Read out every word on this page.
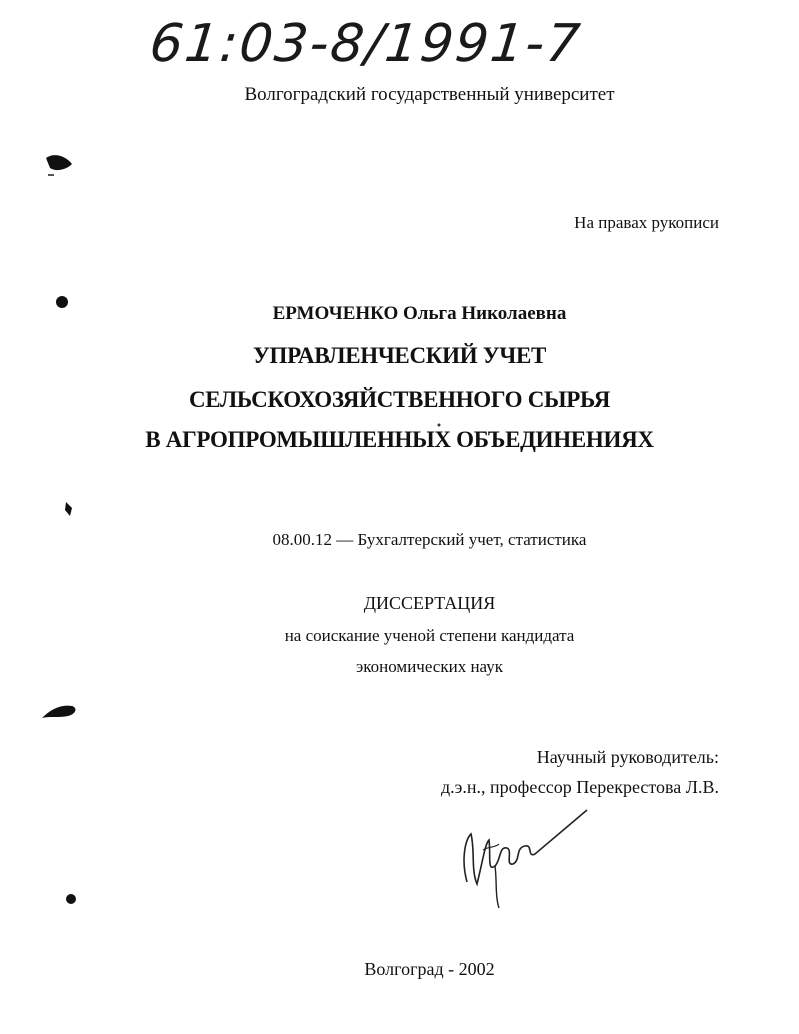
61:03-8/1991-7
Волгоградский государственный университет
На правах рукописи
ЕРМОЧЕНКО Ольга Николаевна
УПРАВЛЕНЧЕСКИЙ УЧЕТ
СЕЛЬСКОХОЗЯЙСТВЕННОГО СЫРЬЯ
В АГРОПРОМЫШЛЕННЫХ ОБЪЕДИНЕНИЯХ
08.00.12 — Бухгалтерский учет, статистика
ДИССЕРТАЦИЯ
на соискание ученой степени кандидата
экономических наук
Научный руководитель:
д.э.н., профессор Перекрестова Л.В.
Волгоград - 2002
